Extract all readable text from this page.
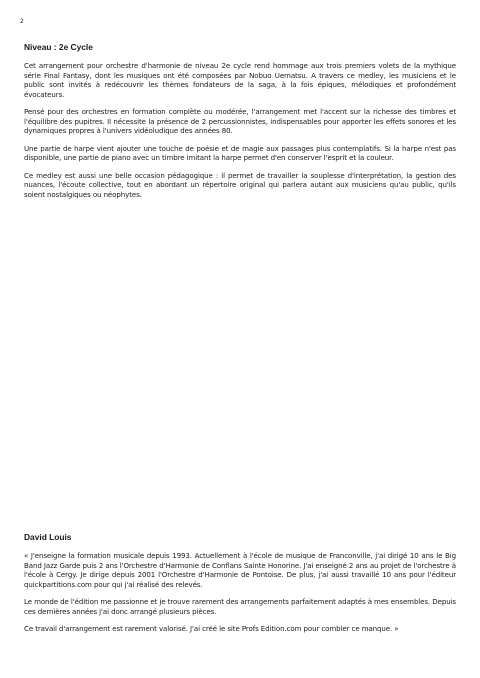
2
Niveau : 2e Cycle

Cet arrangement pour orchestre d'harmonie de niveau 2e cycle rend hommage aux trois premiers volets de la mythique série Final Fantasy, dont les musiques ont été composées par Nobuo Uematsu. A travers ce medley, les musiciens et le public sont invités à redécouvrir les thèmes fondateurs de la saga, à la fois épiques, mélodiques et profondément évocateurs.

Pensé pour des orchestres en formation complète ou modérée, l'arrangement met l'accent sur la richesse des timbres et l'équilibre des pupitres. Il nécessite la présence de 2 percussionnistes, indispensables pour apporter les effets sonores et les dynamiques propres à l'univers vidéoludique des années 80.

Une partie de harpe vient ajouter une touche de poésie et de magie aux passages plus contemplatifs. Si la harpe n'est pas disponible, une partie de piano avec un timbre imitant la harpe permet d'en conserver l'esprit et la couleur.

Ce medley est aussi une belle occasion pédagogique : il permet de travailler la souplesse d'interprétation, la gestion des nuances, l'écoute collective, tout en abordant un répertoire original qui parlera autant aux musiciens qu'au public, qu'ils soient nostalgiques ou néophytes.

David Louis

« J'enseigne la formation musicale depuis 1993. Actuellement à l'école de musique de Franconville, j'ai dirigé 10 ans le Big Band Jazz Garde puis 2 ans l'Orchestre d'Harmonie de Conflans Sainte Honorine. J'ai enseigné 2 ans au projet de l'orchestre à l'école à Cergy. Je dirige depuis 2001 l'Orchestre d'Harmonie de Pontoise. De plus, j'ai aussi travaillé 10 ans pour l'éditeur quickpartitions.com pour qui j'ai réalisé des relevés.

Le monde de l'édition me passionne et je trouve rarement des arrangements parfaitement adaptés à mes ensembles. Depuis ces dernières années j'ai donc arrangé plusieurs pièces.

Ce travail d'arrangement est rarement valorisé. J'ai créé le site Profs Edition.com pour combler ce manque. »
